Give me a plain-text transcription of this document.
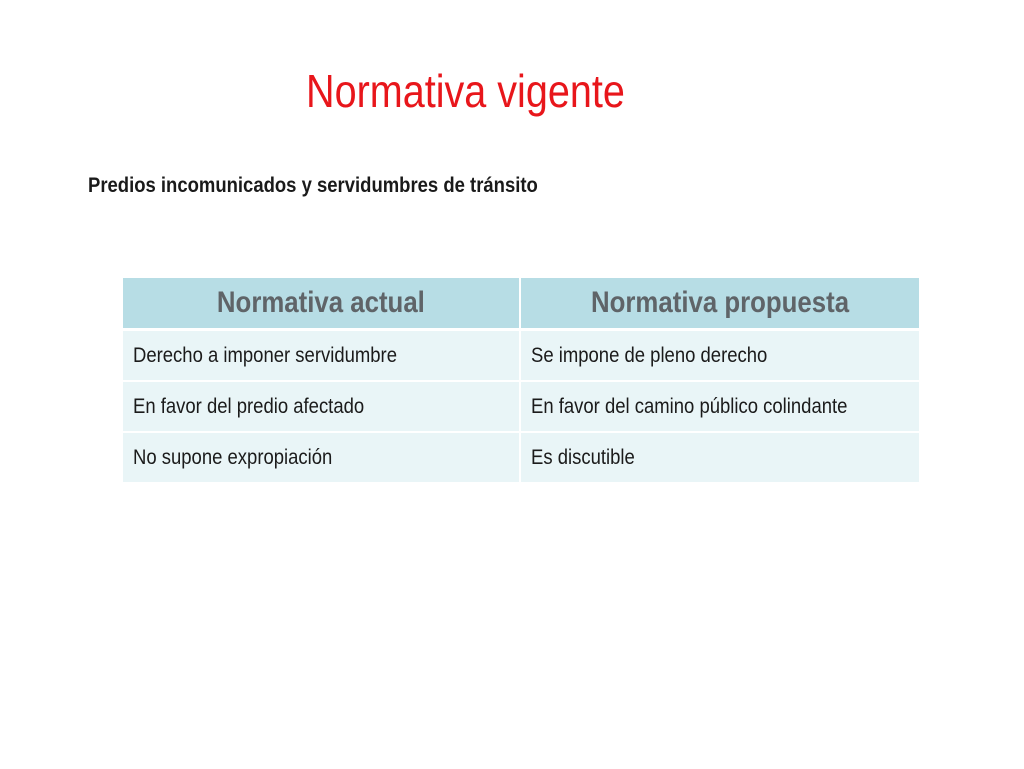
Normativa vigente

Predios incomunicados y servidumbres de tránsito

Normativa actual	Normativa propuesta
Derecho a imponer servidumbre	Se impone de pleno derecho
En favor del predio afectado	En favor del camino público colindante
No supone expropiación	Es discutible
